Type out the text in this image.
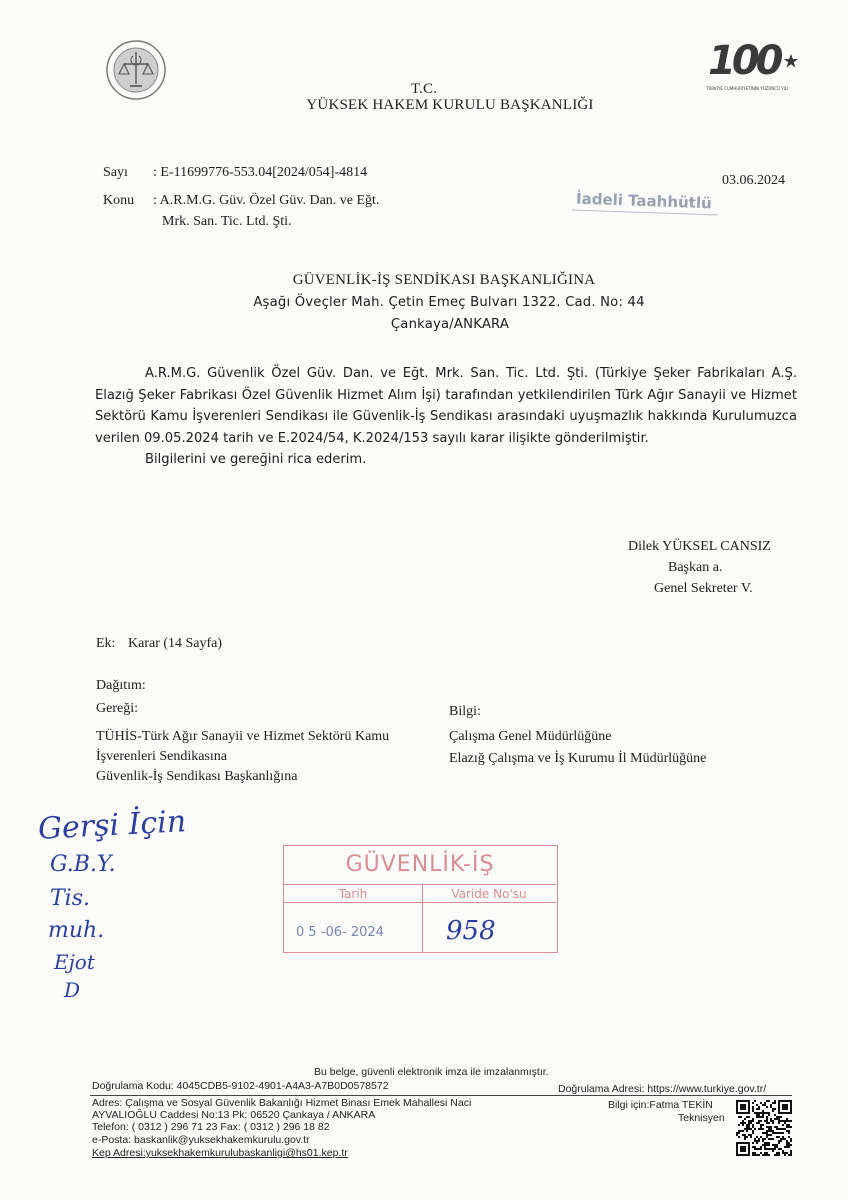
100
TÜRKİYE CUMHURİYETİNİN YÜZÜNCÜ YILI
T.C.
YÜKSEK HAKEM KURULU BAŞKANLIĞI
Sayı : E-11699776-553.04[2024/054]-4814
03.06.2024
Konu : A.R.M.G. Güv. Özel Güv. Dan. ve Eğt.
Mrk. San. Tic. Ltd. Şti.
İadeli Taahhütlü
GÜVENLİK-İŞ SENDİKASI BAŞKANLIĞINA
Aşağı Öveçler Mah. Çetin Emeç Bulvarı 1322. Cad. No: 44
Çankaya/ANKARA

A.R.M.G. Güvenlik Özel Güv. Dan. ve Eğt. Mrk. San. Tic. Ltd. Şti. (Türkiye Şeker Fabrikaları A.Ş. Elazığ Şeker Fabrikası Özel Güvenlik Hizmet Alım İşi) tarafından yetkilendirilen Türk Ağır Sanayii ve Hizmet Sektörü Kamu İşverenleri Sendikası ile Güvenlik-İş Sendikası arasındaki uyuşmazlık hakkında Kurulumuzca verilen 09.05.2024 tarih ve E.2024/54, K.2024/153 sayılı karar ilişikte gönderilmiştir.

Bilgilerini ve gereğini rica ederim.

Dilek YÜKSEL CANSIZ
Başkan a.
Genel Sekreter V.
Ek: Karar (14 Sayfa)
Dağıtım:
Gereği:
TÜHİS-Türk Ağır Sanayii ve Hizmet Sektörü Kamu
İşverenleri Sendikasına
Güvenlik-İş Sendikası Başkanlığına
Bilgi:
Çalışma Genel Müdürlüğüne
Elazığ Çalışma ve İş Kurumu İl Müdürlüğüne
Gerşi İçin
G.B.Y.
Tis.
muh.
Ejot
D
GÜVENLİK-İŞ
Tarih	Varide No'su
0 5 -06- 2024 958
Bu belge, güvenli elektronik imza ile imzalanmıştır.
Doğrulama Kodu: 4045CDB5-9102-4901-A4A3-A7B0D0578572	Doğrulama Adresi: https://www.turkiye.gov.tr/
Adres: Çalışma ve Sosyal Güvenlik Bakanlığı Hizmet Binası Emek Mahallesi Naci
AYVALIOĞLU Caddesi No:13 Pk: 06520 Çankaya / ANKARA
Telefon: ( 0312 ) 296 71 23 Fax: ( 0312 ) 296 18 82
e-Posta: baskanlik@yuksekhakemkurulu.gov.tr
Kep Adresi:yuksekhakemkurulubaskanligi@hs01.kep.tr
Bilgi için:Fatma TEKİN
Teknisyen
